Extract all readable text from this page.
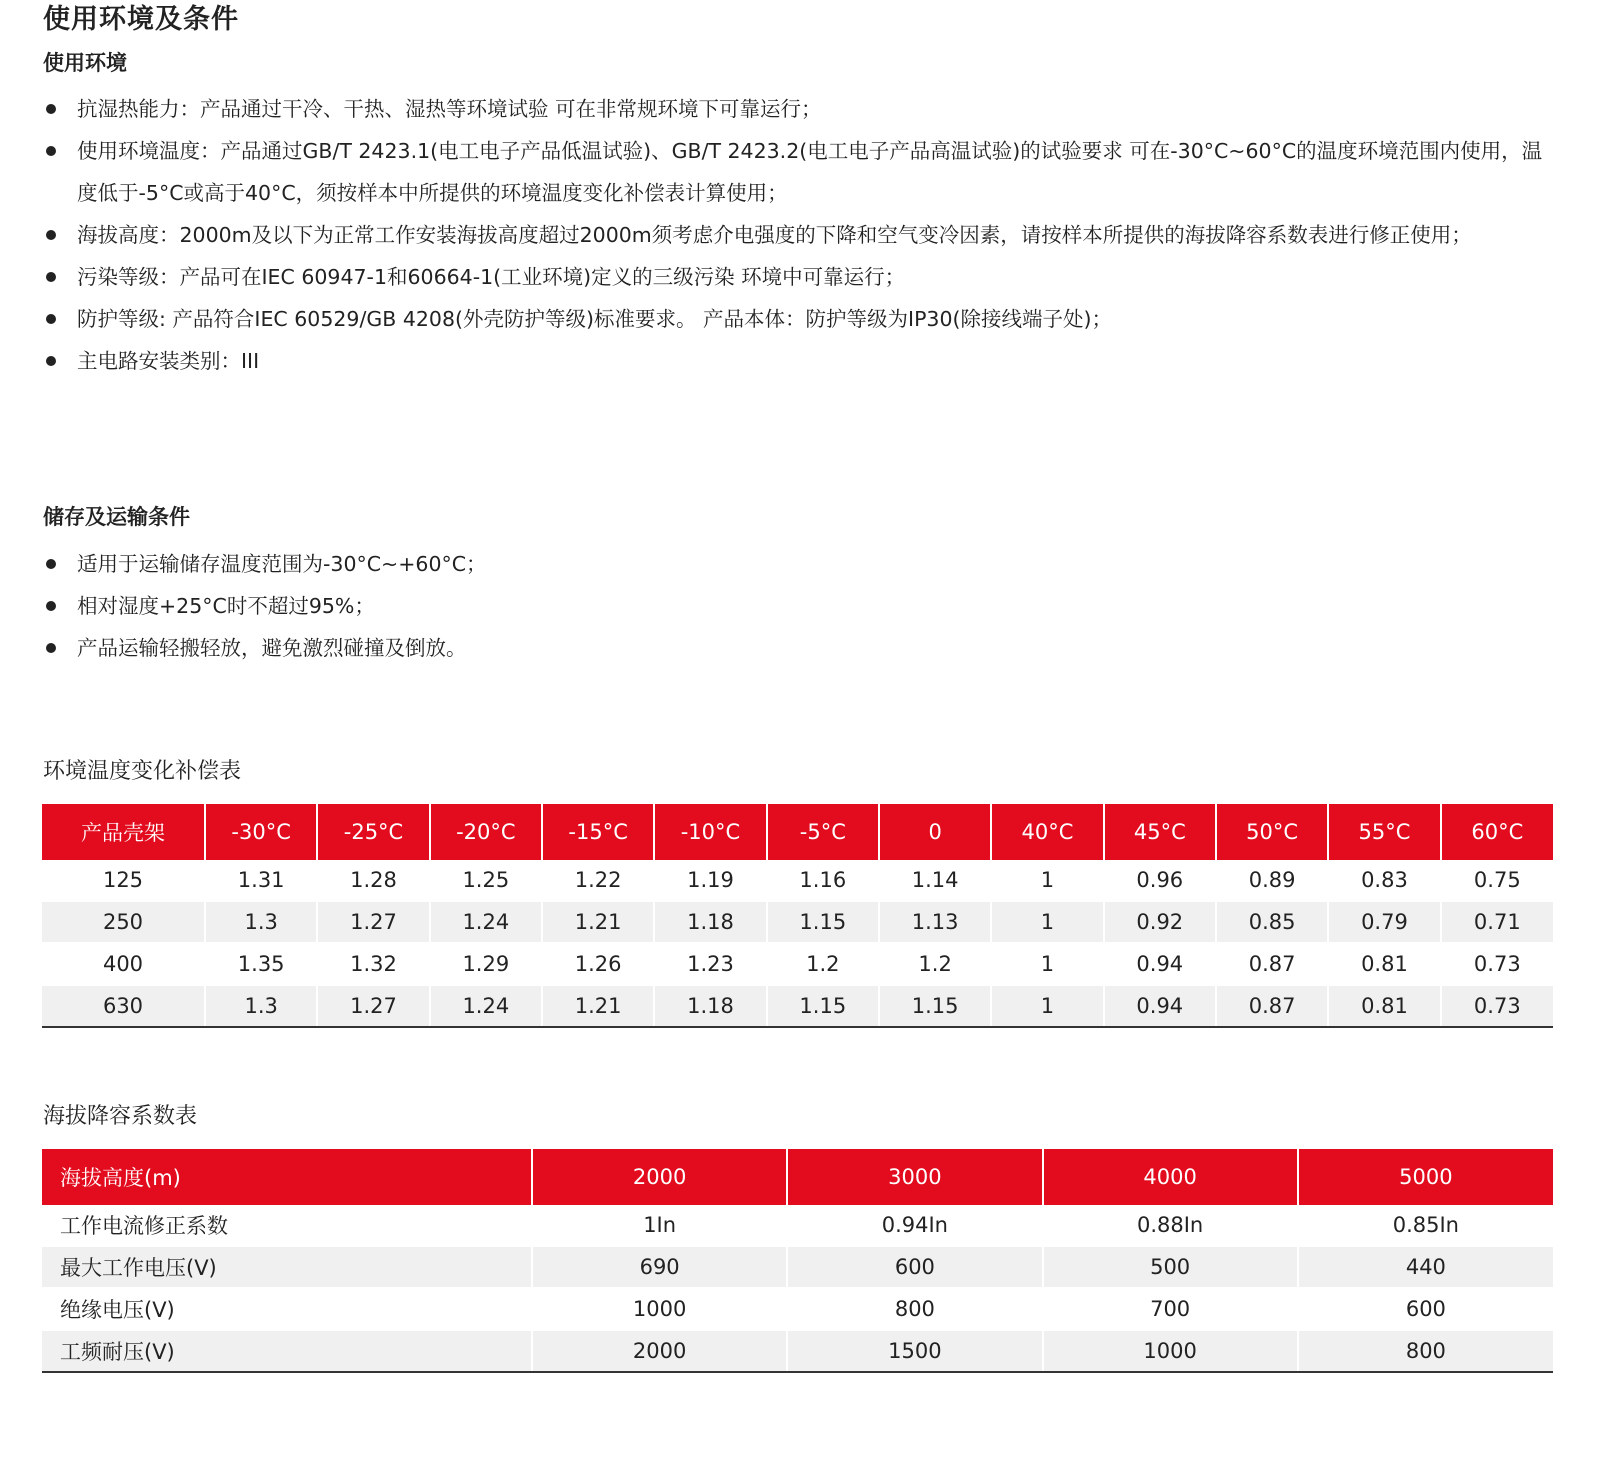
使用环境及条件
使用环境
抗湿热能力：产品通过干冷、干热、湿热等环境试验 可在非常规环境下可靠运行；
使用环境温度：产品通过GB/T 2423.1(电工电子产品低温试验)、GB/T 2423.2(电工电子产品高温试验)的试验要求 可在-30°C~60°C的温度环境范围内使用，温度低于-5°C或高于40°C，须按样本中所提供的环境温度变化补偿表计算使用；
海拔高度：2000m及以下为正常工作安装海拔高度超过2000m须考虑介电强度的下降和空气变冷因素，请按样本所提供的海拔降容系数表进行修正使用；
污染等级：产品可在IEC 60947-1和60664-1(工业环境)定义的三级污染 环境中可靠运行；
防护等级: 产品符合IEC 60529/GB 4208(外壳防护等级)标准要求。 产品本体：防护等级为IP30(除接线端子处)；
主电路安装类别：III
储存及运输条件
适用于运输储存温度范围为-30°C~+60°C；
相对湿度+25°C时不超过95%；
产品运输轻搬轻放，避免激烈碰撞及倒放。
环境温度变化补偿表
产品壳架	-30°C	-25°C	-20°C	-15°C	-10°C	-5°C	0	40°C	45°C	50°C	55°C	60°C
125	1.31	1.28	1.25	1.22	1.19	1.16	1.14	1	0.96	0.89	0.83	0.75
250	1.3	1.27	1.24	1.21	1.18	1.15	1.13	1	0.92	0.85	0.79	0.71
400	1.35	1.32	1.29	1.26	1.23	1.2	1.2	1	0.94	0.87	0.81	0.73
630	1.3	1.27	1.24	1.21	1.18	1.15	1.15	1	0.94	0.87	0.81	0.73
海拔降容系数表
海拔高度(m)	2000	3000	4000	5000
工作电流修正系数	1In	0.94In	0.88In	0.85In
最大工作电压(V)	690	600	500	440
绝缘电压(V)	1000	800	700	600
工频耐压(V)	2000	1500	1000	800
